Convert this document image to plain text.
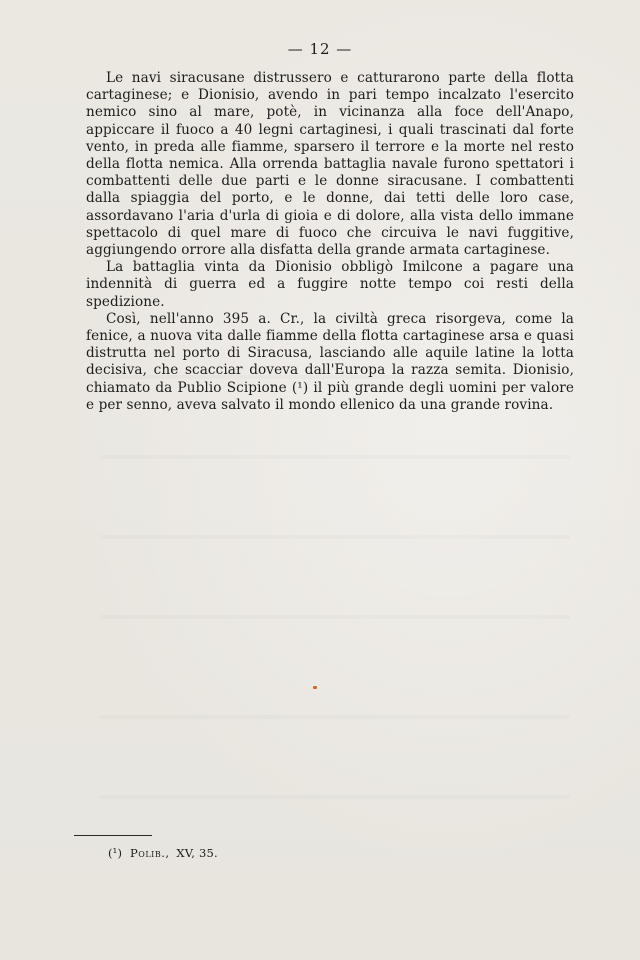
— 12 —

Le navi siracusane distrussero e catturarono parte della flotta cartaginese; e Dionisio, avendo in pari tempo incalzato l'esercito nemico sino al mare, potè, in vicinanza alla foce dell'Anapo, appiccare il fuoco a 40 legni cartaginesi, i quali trascinati dal forte vento, in preda alle fiamme, sparsero il terrore e la morte nel resto della flotta nemica. Alla orrenda battaglia navale furono spettatori i combattenti delle due parti e le donne siracusane. I combattenti dalla spiaggia del porto, e le donne, dai tetti delle loro case, assordavano l'aria d'urla di gioia e di dolore, alla vista dello immane spettacolo di quel mare di fuoco che circuiva le navi fuggitive, aggiungendo orrore alla disfatta della grande armata cartaginese.

La battaglia vinta da Dionisio obbligò Imilcone a pagare una indennità di guerra ed a fuggire notte tempo coi resti della spedizione.

Così, nell'anno 395 a. Cr., la civiltà greca risorgeva, come la fenice, a nuova vita dalle fiamme della flotta cartaginese arsa e quasi distrutta nel porto di Siracusa, lasciando alle aquile latine la lotta decisiva, che scacciar doveva dall'Europa la razza semita. Dionisio, chiamato da Publio Scipione (¹) il più grande degli uomini per valore e per senno, aveva salvato il mondo ellenico da una grande rovina.

(¹) Polib., XV, 35.
